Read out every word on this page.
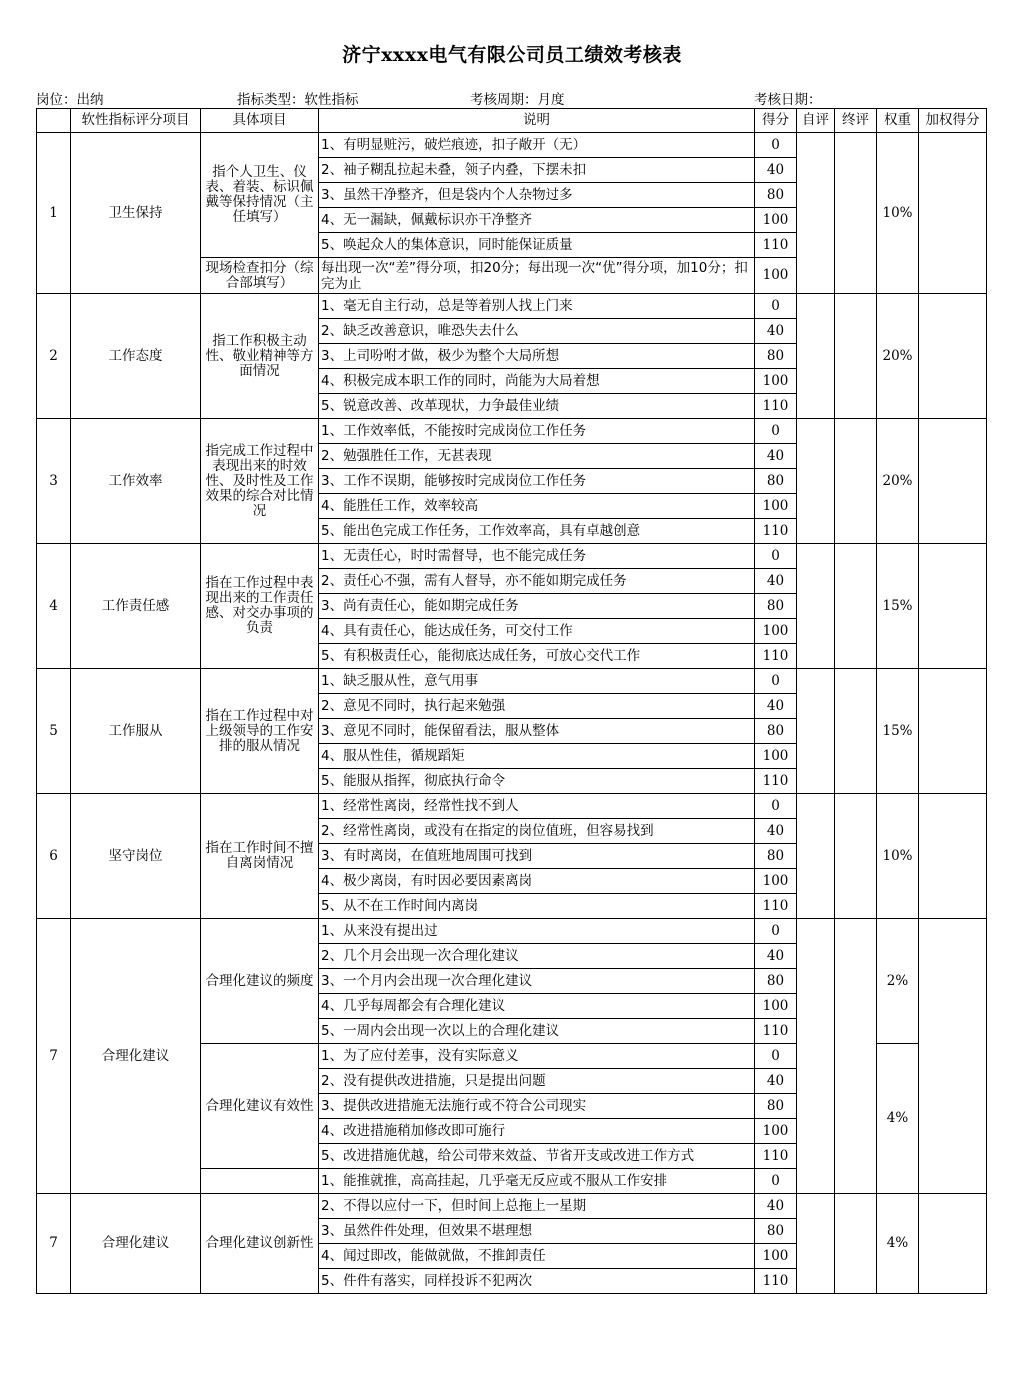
济宁xxxx电气有限公司员工绩效考核表
岗位：出纳	指标类型：软性指标	考核周期：月度	考核日期：
	软性指标评分项目	具体项目	说明	得分	自评	终评	权重	加权得分
1	卫生保持	指个人卫生、仪表、着装、标识佩戴等保持情况（主任填写）	1、有明显赃污，破烂痕迹，扣子敞开（无）	0			10%	
			2、袖子糊乱拉起未叠，领子内叠，下摆未扣	40				
			3、虽然干净整齐，但是袋内个人杂物过多	80				
			4、无一漏缺，佩戴标识亦干净整齐	100				
			5、唤起众人的集体意识，同时能保证质量	110				
		现场检查扣分（综合部填写）	每出现一次“差”得分项，扣20分；每出现一次“优”得分项，加10分；扣完为止	100				
2	工作态度	指工作积极主动性、敬业精神等方面情况	1、毫无自主行动，总是等着别人找上门来	0			20%	
			2、缺乏改善意识，唯恐失去什么	40				
			3、上司吩咐才做，极少为整个大局所想	80				
			4、积极完成本职工作的同时，尚能为大局着想	100				
			5、锐意改善、改革现状，力争最佳业绩	110				
3	工作效率	指完成工作过程中表现出来的时效性、及时性及工作效果的综合对比情况	1、工作效率低，不能按时完成岗位工作任务	0			20%	
			2、勉强胜任工作，无甚表现	40				
			3、工作不误期，能够按时完成岗位工作任务	80				
			4、能胜任工作，效率较高	100				
			5、能出色完成工作任务，工作效率高，具有卓越创意	110				
4	工作责任感	指在工作过程中表现出来的工作责任感、对交办事项的负责	1、无责任心，时时需督导，也不能完成任务	0			15%	
			2、责任心不强，需有人督导，亦不能如期完成任务	40				
			3、尚有责任心，能如期完成任务	80				
			4、具有责任心，能达成任务，可交付工作	100				
			5、有积极责任心，能彻底达成任务，可放心交代工作	110				
5	工作服从	指在工作过程中对上级领导的工作安排的服从情况	1、缺乏服从性，意气用事	0			15%	
			2、意见不同时，执行起来勉强	40				
			3、意见不同时，能保留看法，服从整体	80				
			4、服从性佳，循规蹈矩	100				
			5、能服从指挥，彻底执行命令	110				
6	坚守岗位	指在工作时间不擅自离岗情况	1、经常性离岗，经常性找不到人	0			10%	
			2、经常性离岗，或没有在指定的岗位值班，但容易找到	40				
			3、有时离岗，在值班地周围可找到	80				
			4、极少离岗，有时因必要因素离岗	100				
			5、从不在工作时间内离岗	110				
7	合理化建议	合理化建议的频度	1、从来没有提出过	0			2%	
			2、几个月会出现一次合理化建议	40				
			3、一个月内会出现一次合理化建议	80				
			4、几乎每周都会有合理化建议	100				
			5、一周内会出现一次以上的合理化建议	110				
		合理化建议有效性	1、为了应付差事，没有实际意义	0			4%	
			2、没有提供改进措施，只是提出问题	40				
			3、提供改进措施无法施行或不符合公司现实	80				
			4、改进措施稍加修改即可施行	100				
			5、改进措施优越，给公司带来效益、节省开支或改进工作方式	110				
			1、能推就推，高高挂起，几乎毫无反应或不服从工作安排	0				
7	合理化建议	合理化建议创新性	2、不得以应付一下，但时间上总拖上一星期	40			4%	
			3、虽然件件处理，但效果不堪理想	80				
			4、闻过即改，能做就做，不推卸责任	100				
			5、件件有落实，同样投诉不犯两次	110				
